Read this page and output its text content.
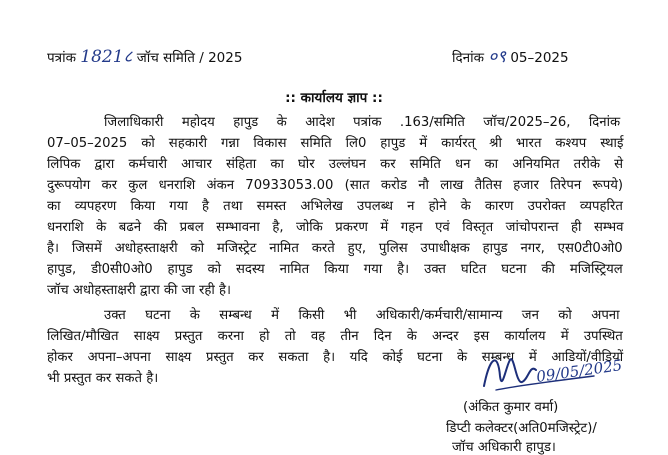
पत्रांक 1821८ जॉच समिति / 2025	दिनांक ०९ 05–2025
:: कार्यालय ज्ञाप ::
जिलाधिकारी महोदय हापुड के आदेश पत्रांक .163/समिति जॉच/2025–26, दिनांक
07–05–2025 को सहकारी गन्ना विकास समिति लि0 हापुड में कार्यरत् श्री भारत कश्यप स्थाई
लिपिक द्वारा कर्मचारी आचार संहिता का घोर उल्लंघन कर समिति धन का अनियमित तरीके से
दुरूपयोग कर कुल धनराशि अंकन 70933053.00 (सात करोड नौ लाख तैतिस हजार तिरेपन रूपये)
का व्यपहरण किया गया है तथा समस्त अभिलेख उपलब्ध न होने के कारण उपरोक्त व्यपहरित
धनराशि के बढने की प्रबल सम्भावना है, जोकि प्रकरण में गहन एवं विस्तृत जांचोपरान्त ही सम्भव
है। जिसमें अधोहस्ताक्षरी को मजिस्ट्रेट नामित करते हुए, पुलिस उपाधीक्षक हापुड नगर, एस0टी0ओ0
हापुड, डी0सी0ओ0 हापुड को सदस्य नामित किया गया है। उक्त घटित घटना की मजिस्ट्रियल
जॉच अधोहस्ताक्षरी द्वारा की जा रही है।
उक्त घटना के सम्बन्ध में किसी भी अधिकारी/कर्मचारी/सामान्य जन को अपना
लिखित/मौखित साक्ष्य प्रस्तुत करना हो तो वह तीन दिन के अन्दर इस कार्यालय में उपस्थित
होकर अपना–अपना साक्ष्य प्रस्तुत कर सकता है। यदि कोई घटना के सम्बन्ध में आडियों/वीडियों
भी प्रस्तुत कर सकते है।	09/05/2025
(अंकित कुमार वर्मा)
डिप्टी कलेक्टर(अति0मजिस्ट्रेट)/
जॉच अधिकारी हापुड।
